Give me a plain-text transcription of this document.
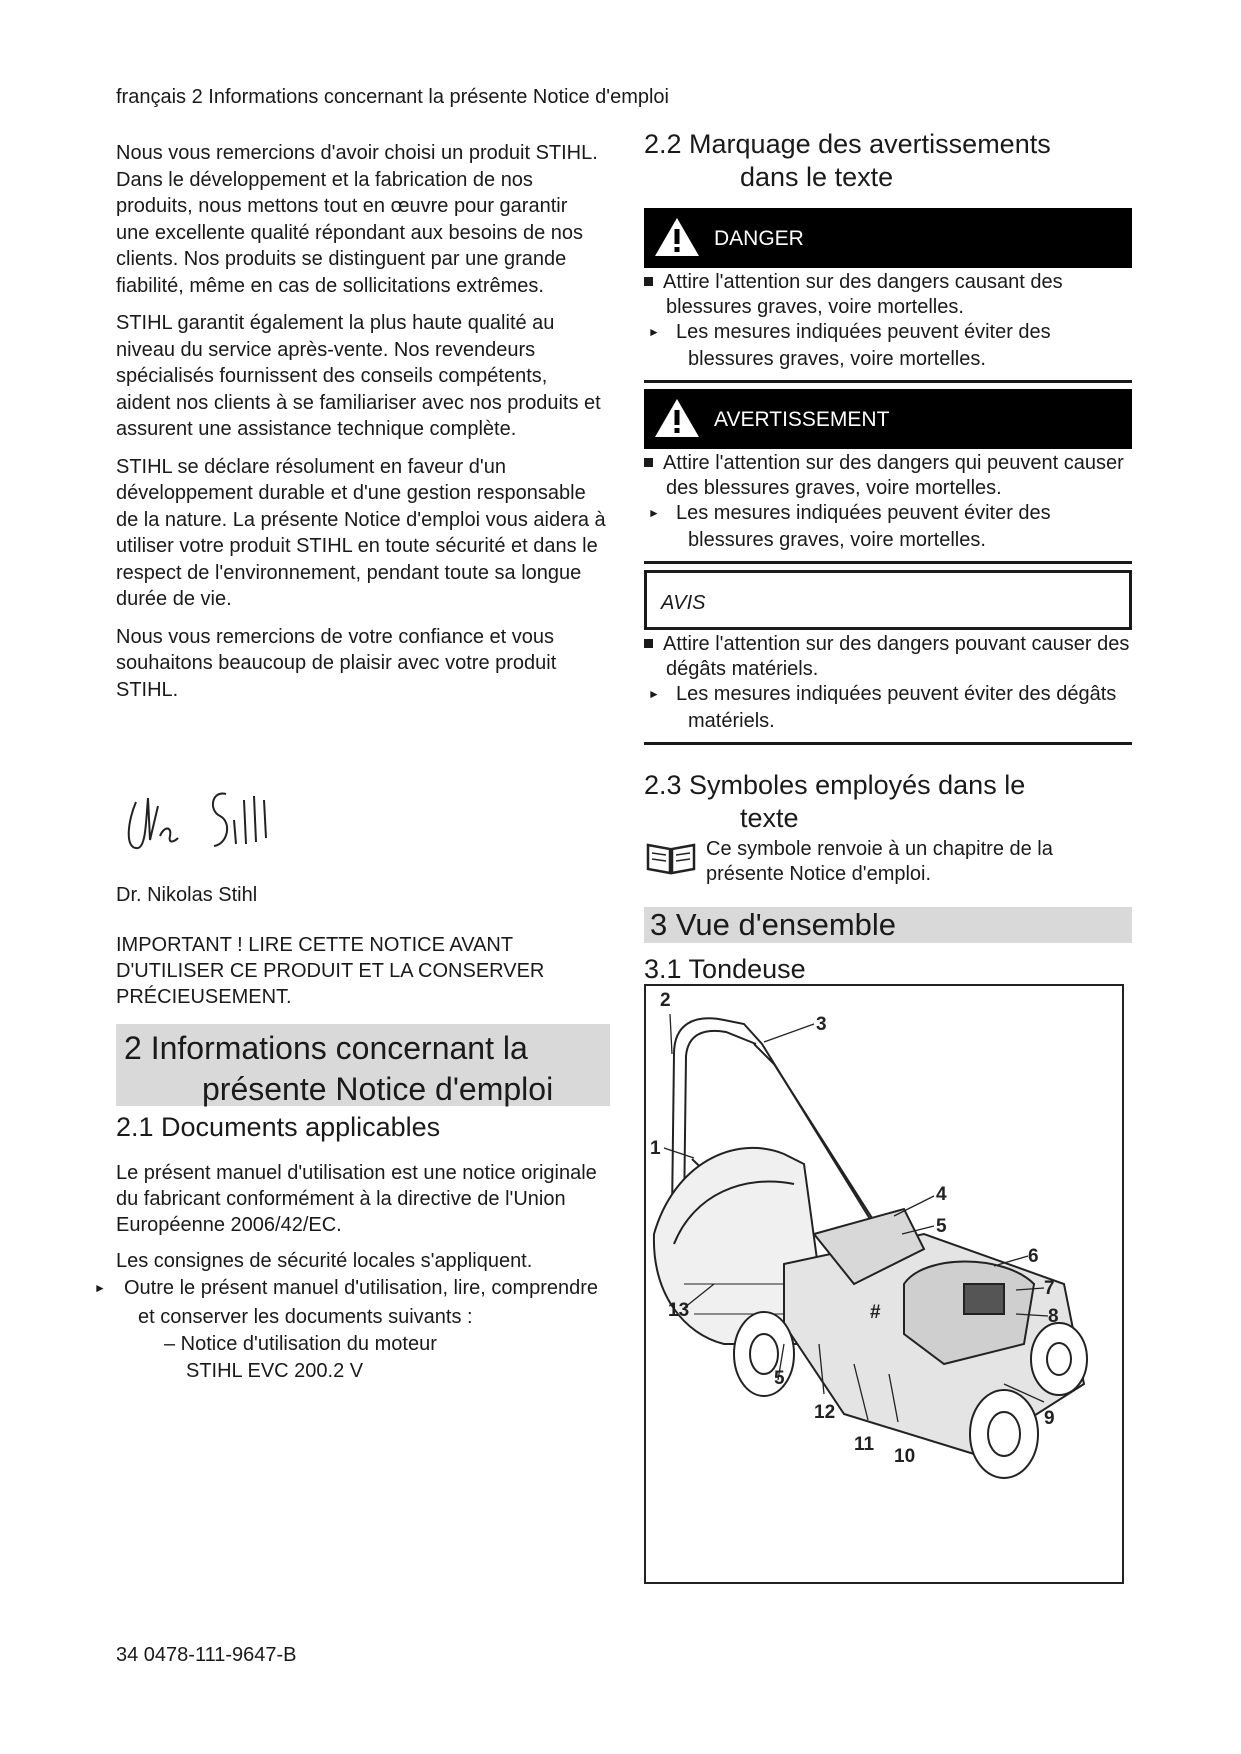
français 2 Informations concernant la présente Notice d'emploi

Nous vous remercions d'avoir choisi un produit STIHL. Dans le développement et la fabrication de nos produits, nous mettons tout en œuvre pour garantir une excellente qualité répondant aux besoins de nos clients. Nos produits se distinguent par une grande fiabilité, même en cas de sollicitations extrêmes.

STIHL garantit également la plus haute qualité au niveau du service après-vente. Nos revendeurs spécialisés fournissent des conseils compétents, aident nos clients à se familiariser avec nos produits et assurent une assistance technique complète.

STIHL se déclare résolument en faveur d'un développement durable et d'une gestion responsable de la nature. La présente Notice d'emploi vous aidera à utiliser votre produit STIHL en toute sécurité et dans le respect de l'environnement, pendant toute sa longue durée de vie.

Nous vous remercions de votre confiance et vous souhaitons beaucoup de plaisir avec votre produit STIHL.

Dr. Nikolas Stihl
IMPORTANT ! LIRE CETTE NOTICE AVANT D'UTILISER CE PRODUIT ET LA CONSERVER PRÉCIEUSEMENT.
2 Informations concernant la
présente Notice d'emploi
2.1 Documents applicables
Le présent manuel d'utilisation est une notice originale du fabricant conformément à la directive de l'Union Européenne 2006/42/EC.
Les consignes de sécurité locales s'appliquent.
► Outre le présent manuel d'utilisation, lire, comprendre et conserver les documents suivants :
– Notice d'utilisation du moteur
STIHL EVC 200.2 V
2.2 Marquage des avertissements
dans le texte
DANGER
Attire l'attention sur des dangers causant des blessures graves, voire mortelles.
► Les mesures indiquées peuvent éviter des blessures graves, voire mortelles.
AVERTISSEMENT
Attire l'attention sur des dangers qui peuvent causer des blessures graves, voire mortelles.
► Les mesures indiquées peuvent éviter des blessures graves, voire mortelles.
AVIS
Attire l'attention sur des dangers pouvant causer des dégâts matériels.
► Les mesures indiquées peuvent éviter des dégâts matériels.
2.3 Symboles employés dans le
texte
Ce symbole renvoie à un chapitre de la présente Notice d'emploi.
3 Vue d'ensemble
3.1 Tondeuse
2
3
1
4
5
6
7
8
13	#
5
12	9
11
10
34 0478-111-9647-B
